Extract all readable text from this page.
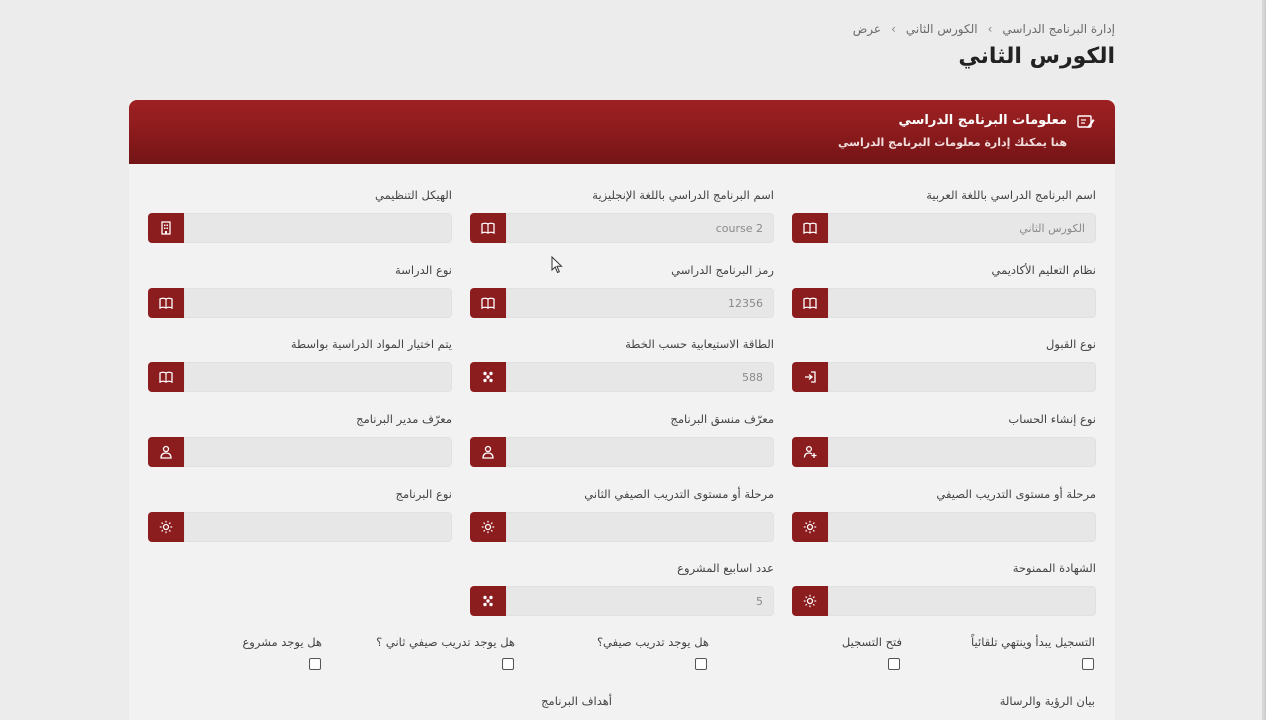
إدارة البرنامج الدراسي
›
الكورس الثاني
›
عرض
الكورس الثاني
معلومات البرنامج الدراسي
هنا يمكنك إدارة معلومات البرنامج الدراسي
اسم البرنامج الدراسي باللغة العربية
الكورس الثاني
اسم البرنامج الدراسي باللغة الإنجليزية
course 2
الهيكل التنظيمي
نظام التعليم الأكاديمي
رمز البرنامج الدراسي
12356
نوع الدراسة
نوع القبول
الطاقة الاستيعابية حسب الخطة
588
يتم اختيار المواد الدراسية بواسطة
نوع إنشاء الحساب
معرّف منسق البرنامج
معرّف مدير البرنامج
مرحلة أو مستوى التدريب الصيفي
مرحلة أو مستوى التدريب الصيفي الثاني
نوع البرنامج
الشهادة الممنوحة
عدد اسابيع المشروع
5
التسجيل يبدأ وينتهي تلقائياً
فتح التسجيل
هل يوجد تدريب صيفي؟
هل يوجد تدريب صيفي ثاني ؟
هل يوجد مشروع
بيان الرؤية والرسالة
أهداف البرنامج
